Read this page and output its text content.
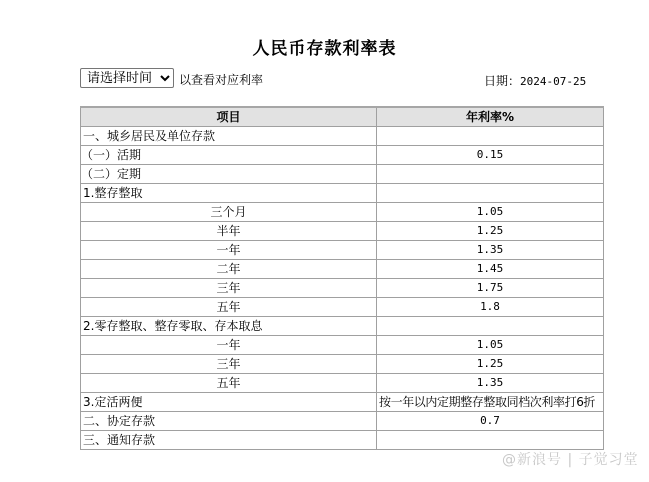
人民币存款利率表
请选择时间
以查看对应利率	日期：2024-07-25
项目	年利率%
一、城乡居民及单位存款	
（一）活期	0.15
（二）定期	
1.整存整取	
三个月	1.05
半年	1.25
一年	1.35
二年	1.45
三年	1.75
五年	1.8
2.零存整取、整存零取、存本取息	
一年	1.05
三年	1.25
五年	1.35
3.定活两便	按一年以内定期整存整取同档次利率打6折
二、协定存款	0.7
三、通知存款	
@新浪号 | 子觉习堂
